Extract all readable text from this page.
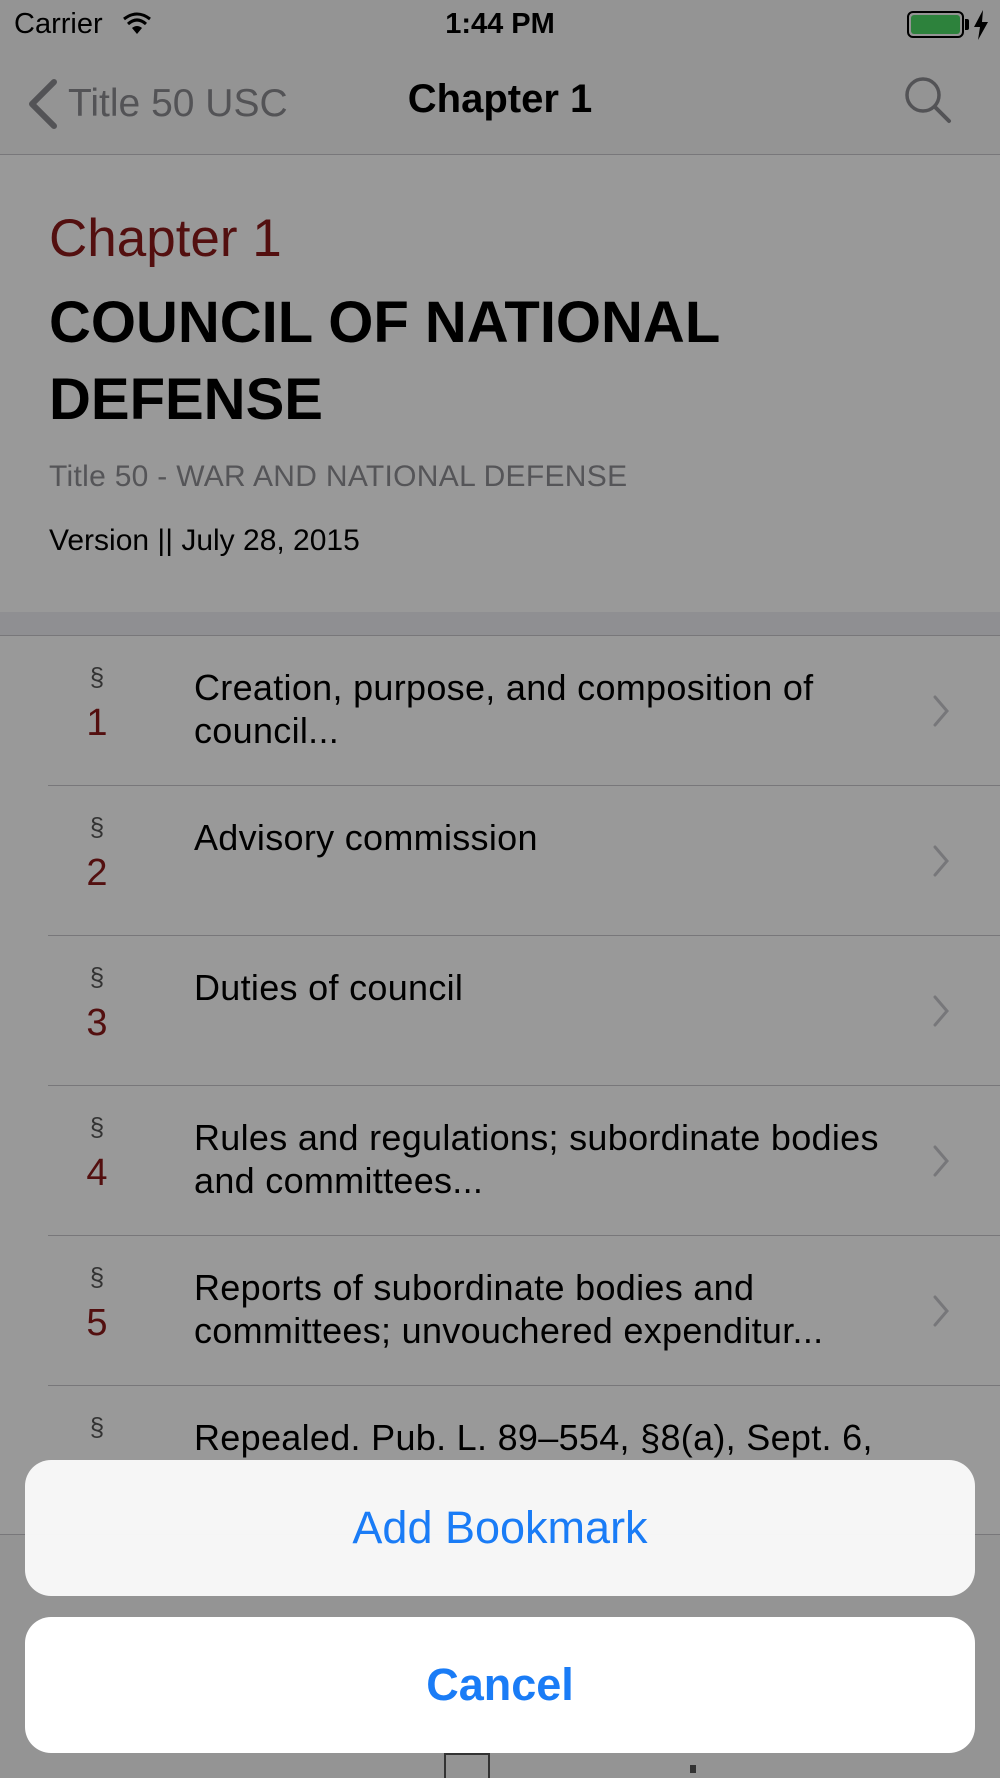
Carrier	1:44 PM
Title 50 USC	Chapter 1
Chapter 1
COUNCIL OF NATIONAL DEFENSE
Title 50 - WAR AND NATIONAL DEFENSE
Version || July 28, 2015
§
1
Creation, purpose, and composition of council...
§
2
Advisory commission
§
3
Duties of council
§
4
Rules and regulations; subordinate bodies and committees...
§
5
Reports of subordinate bodies and committees; unvouchered expenditur...
§ Repealed. Pub. L. 89–554, §8(a), Sept. 6,
Add Bookmark
Cancel
